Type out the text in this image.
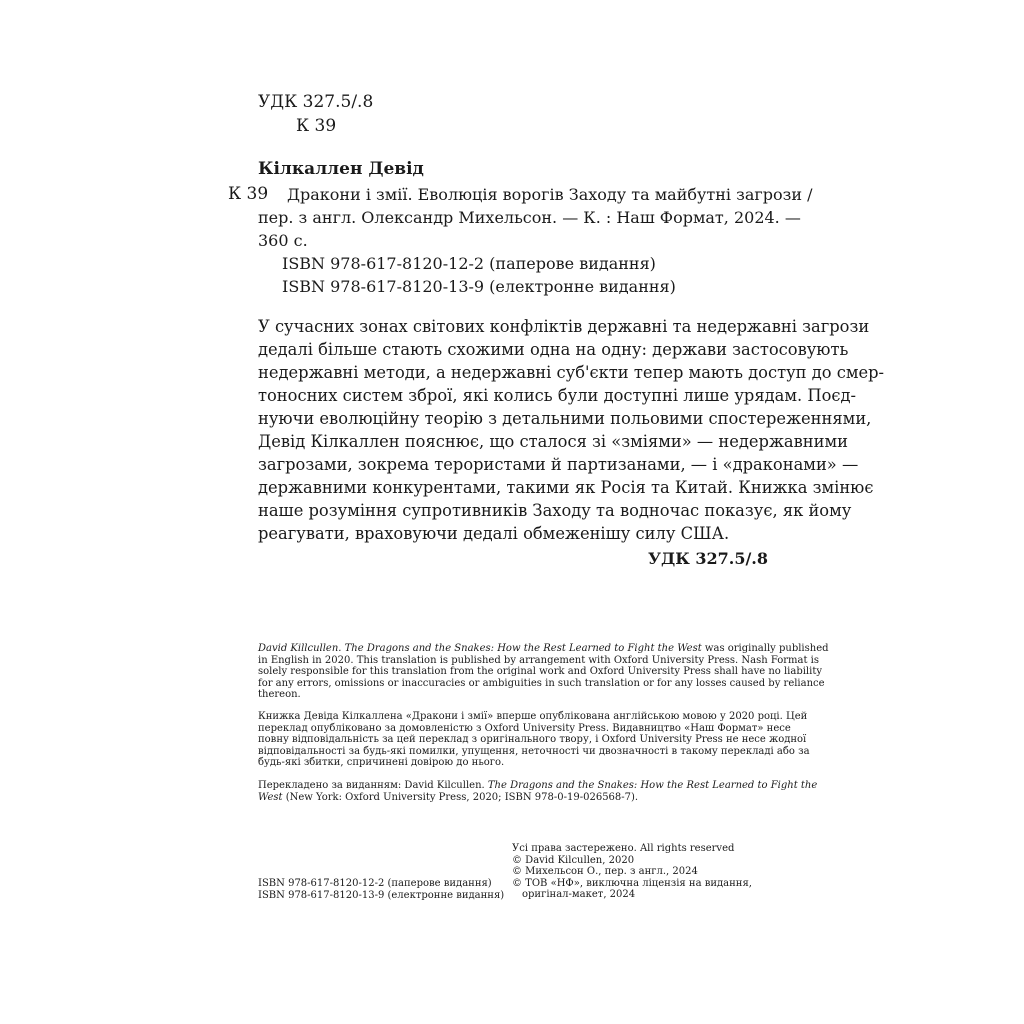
УДК 327.5/.8
К 39
Кілкаллен Девід
К 39	Дракони і змії. Еволюція ворогів Заходу та майбутні загрози /
пер. з англ. Олександр Михельсон. — К. : Наш Формат, 2024. —
360 с.
ISBN 978-617-8120-12-2 (паперове видання)
ISBN 978-617-8120-13-9 (електронне видання)
У сучасних зонах світових конфліктів державні та недержавні загрози
дедалі більше стають схожими одна на одну: держави застосовують
недержавні методи, а недержавні суб'єкти тепер мають доступ до смер-
тоносних систем зброї, які колись були доступні лише урядам. Поєд-
нуючи еволюційну теорію з детальними польовими спостереженнями,
Девід Кілкаллен пояснює, що сталося зі «зміями» — недержавними
загрозами, зокрема терористами й партизанами, — і «драконами» —
державними конкурентами, такими як Росія та Китай. Книжка змінює
наше розуміння супротивників Заходу та водночас показує, як йому
реагувати, враховуючи дедалі обмеженішу силу США.
УДК 327.5/.8
David Killcullen. The Dragons and the Snakes: How the Rest Learned to Fight the West was originally published
in English in 2020. This translation is published by arrangement with Oxford University Press. Nash Format is
solely responsible for this translation from the original work and Oxford University Press shall have no liability
for any errors, omissions or inaccuracies or ambiguities in such translation or for any losses caused by reliance
thereon.
Книжка Девіда Кілкаллена «Дракони і змії» вперше опублікована англійською мовою у 2020 році. Цей
переклад опубліковано за домовленістю з Oxford University Press. Видавництво «Наш Формат» несе
повну відповідальність за цей переклад з оригінального твору, і Oxford University Press не несе жодної
відповідальності за будь-які помилки, упущення, неточності чи двозначності в такому перекладі або за
будь-які збитки, спричинені довірою до нього.
Перекладено за виданням: David Kilcullen. The Dragons and the Snakes: How the Rest Learned to Fight the
West (New York: Oxford University Press, 2020; ISBN 978-0-19-026568-7).
Усі права застережено. All rights reserved
© David Kilcullen, 2020
© Михельсон О., пер. з англ., 2024
© ТОВ «НФ», виключна ліцензія на видання,
оригінал-макет, 2024
ISBN 978-617-8120-12-2 (паперове видання)
ISBN 978-617-8120-13-9 (електронне видання)
